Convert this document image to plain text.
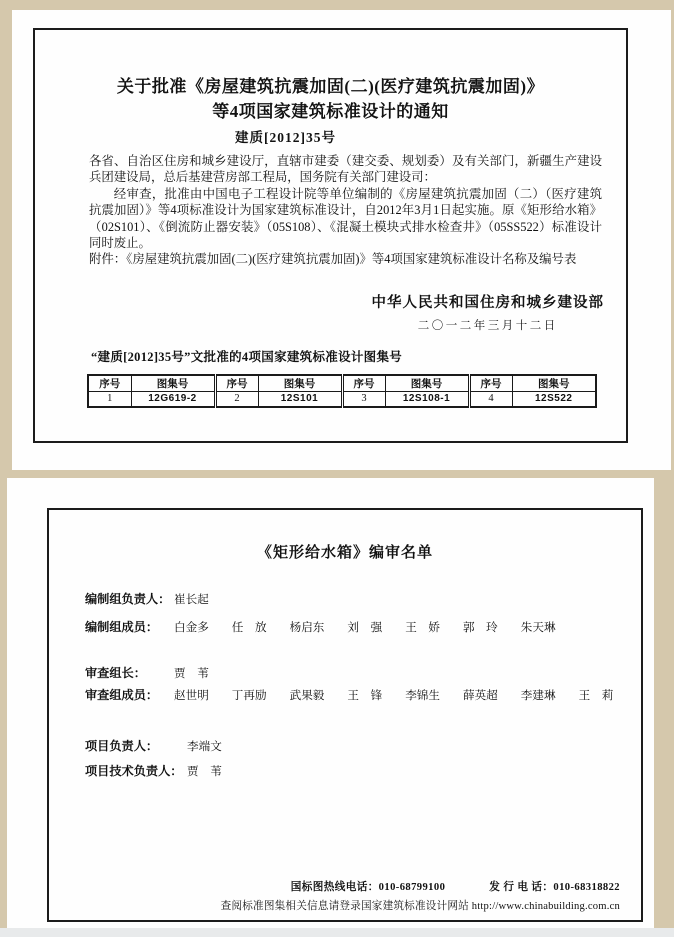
关于批准《房屋建筑抗震加固(二)(医疗建筑抗震加固)》
等4项国家建筑标准设计的通知
建质[2012]35号

各省、自治区住房和城乡建设厅，直辖市建委（建交委、规划委）及有关部门，新疆生产建设兵团建设局，总后基建营房部工程局，国务院有关部门建设司：

经审查，批准由中国电子工程设计院等单位编制的《房屋建筑抗震加固（二）（医疗建筑抗震加固）》等4项标准设计为国家建筑标准设计，自2012年3月1日起实施。原《矩形给水箱》（02S101）、《倒流防止器安装》（05S108）、《混凝土模块式排水检查井》（05SS522）标准设计同时废止。

附件：《房屋建筑抗震加固(二)(医疗建筑抗震加固)》等4项国家建筑标准设计名称及编号表

中华人民共和国住房和城乡建设部
二〇一二年三月十二日
“建质[2012]35号”文批准的4项国家建筑标准设计图集号
序号	图集号	序号	图集号	序号	图集号	序号	图集号
1	12G619-2	2	12S101	3	12S108-1	4	12S522
《矩形给水箱》编审名单
编制组负责人： 崔长起
编制组成员：	白金多 任　放 杨启东 刘　强 王　娇 郭　玲 朱天琳
审查组长：	贾　苇
审查组成员：	赵世明 丁再励 武果毅 王　锋 李锦生 薛英超 李建琳 王　莉
项目负责人：	李端文
项目技术负责人： 贾　苇
国标图热线电话：010-68799100	发 行 电 话：010-68318822
查阅标准图集相关信息请登录国家建筑标准设计网站 http://www.chinabuilding.com.cn
